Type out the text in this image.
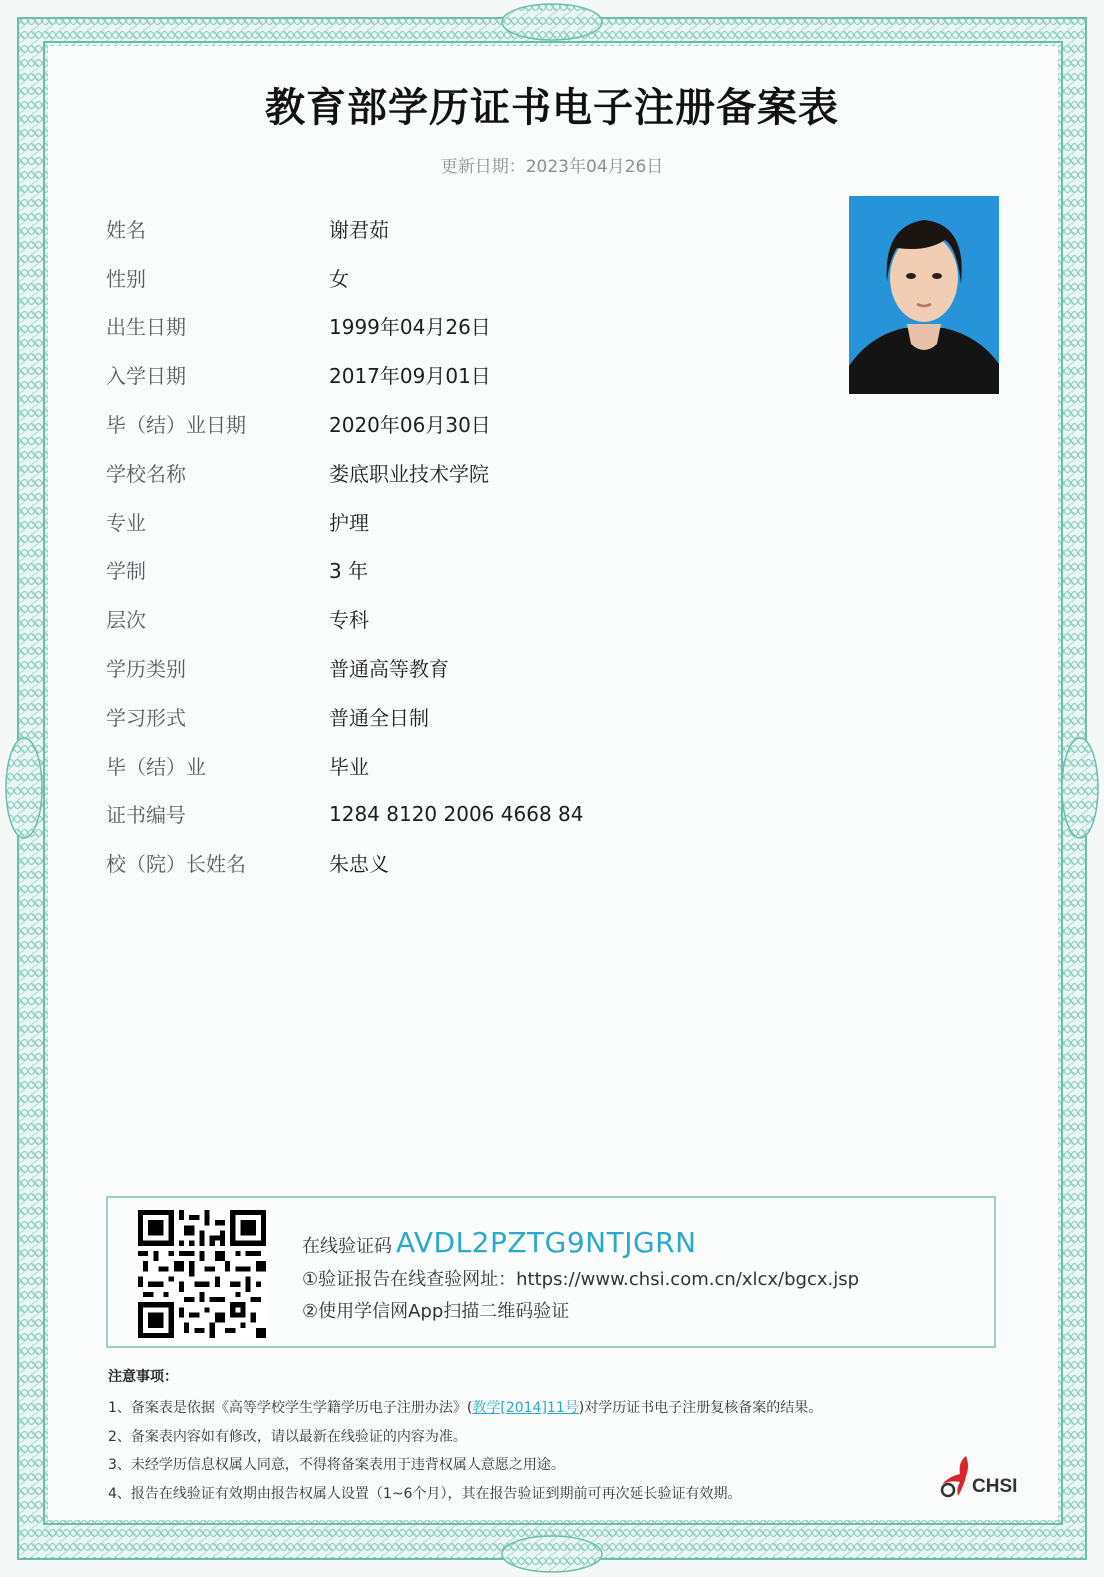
教育部学历证书电子注册备案表
更新日期：2023年04月26日
姓名	谢君茹
性别	女
出生日期	1999年04月26日
入学日期	2017年09月01日
毕（结）业日期	2020年06月30日
学校名称	娄底职业技术学院
专业	护理
学制	3 年
层次	专科
学历类别	普通高等教育
学习形式	普通全日制
毕（结）业	毕业
证书编号	1284 8120 2006 4668 84
校（院）长姓名	朱忠义
在线验证码 AVDL2PZTG9NTJGRN
①验证报告在线查验网址：https://www.chsi.com.cn/xlcx/bgcx.jsp
②使用学信网App扫描二维码验证
注意事项：
1、备案表是依据《高等学校学生学籍学历电子注册办法》(教学[2014]11号)对学历证书电子注册复核备案的结果。
2、备案表内容如有修改，请以最新在线验证的内容为准。
3、未经学历信息权属人同意，不得将备案表用于违背权属人意愿之用途。
4、报告在线验证有效期由报告权属人设置（1~6个月），其在报告验证到期前可再次延长验证有效期。	CHSI
